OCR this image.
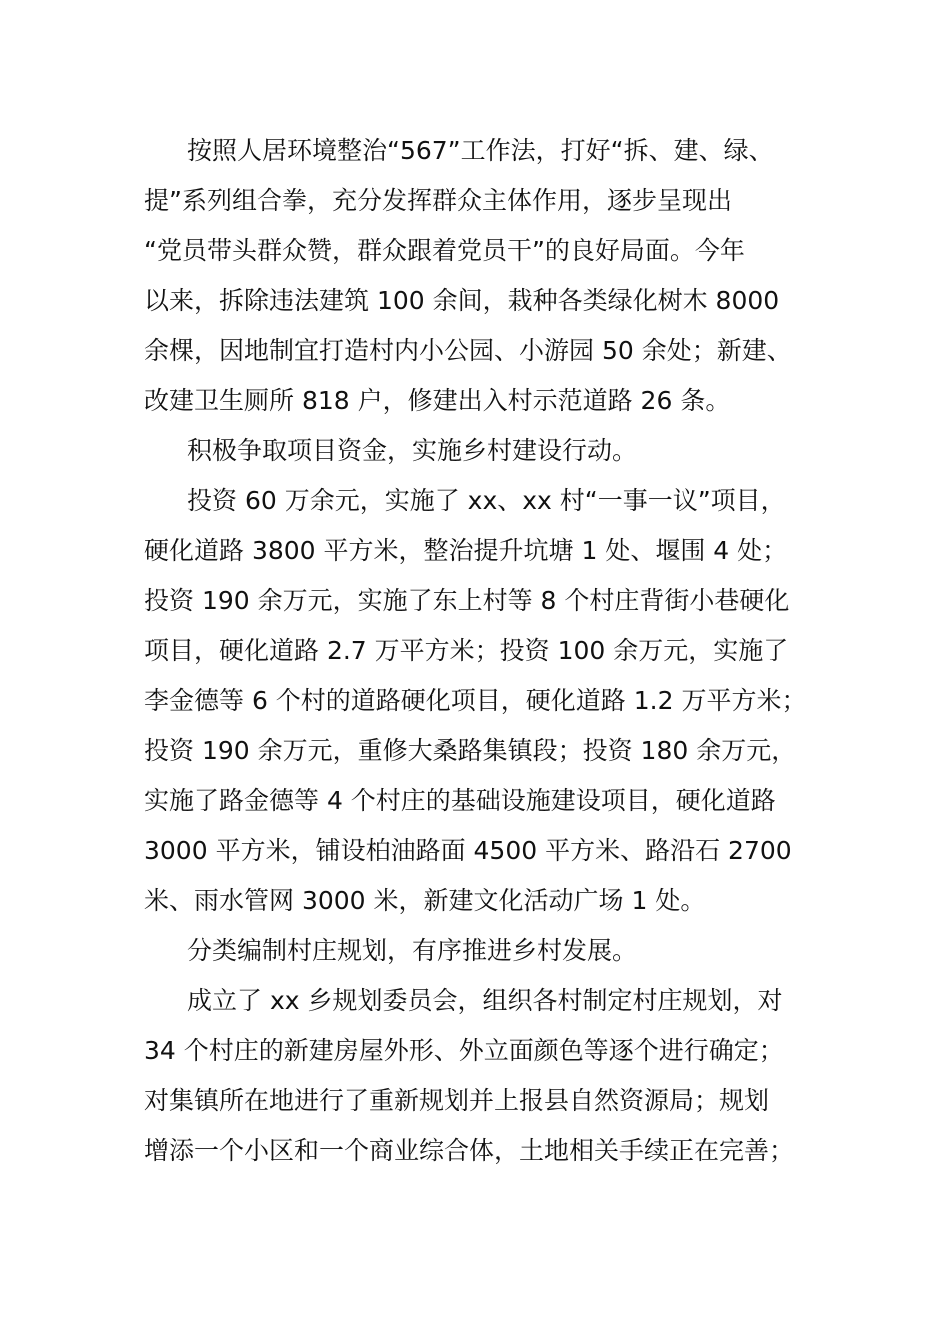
按照人居环境整治“567”工作法，打好“拆、建、绿、
提”系列组合拳，充分发挥群众主体作用，逐步呈现出
“党员带头群众赞，群众跟着党员干”的良好局面。今年
以来，拆除违法建筑 100 余间，栽种各类绿化树木 8000
余棵，因地制宜打造村内小公园、小游园 50 余处；新建、
改建卫生厕所 818 户，修建出入村示范道路 26 条。
积极争取项目资金，实施乡村建设行动。
投资 60 万余元，实施了 xx、xx 村“一事一议”项目，
硬化道路 3800 平方米，整治提升坑塘 1 处、堰围 4 处；
投资 190 余万元，实施了东上村等 8 个村庄背街小巷硬化
项目，硬化道路 2.7 万平方米；投资 100 余万元，实施了
李金德等 6 个村的道路硬化项目，硬化道路 1.2 万平方米；
投资 190 余万元，重修大桑路集镇段；投资 180 余万元，
实施了路金德等 4 个村庄的基础设施建设项目，硬化道路
3000 平方米，铺设柏油路面 4500 平方米、路沿石 2700
米、雨水管网 3000 米，新建文化活动广场 1 处。
分类编制村庄规划，有序推进乡村发展。
成立了 xx 乡规划委员会，组织各村制定村庄规划，对
34 个村庄的新建房屋外形、外立面颜色等逐个进行确定；
对集镇所在地进行了重新规划并上报县自然资源局；规划
增添一个小区和一个商业综合体，土地相关手续正在完善；
